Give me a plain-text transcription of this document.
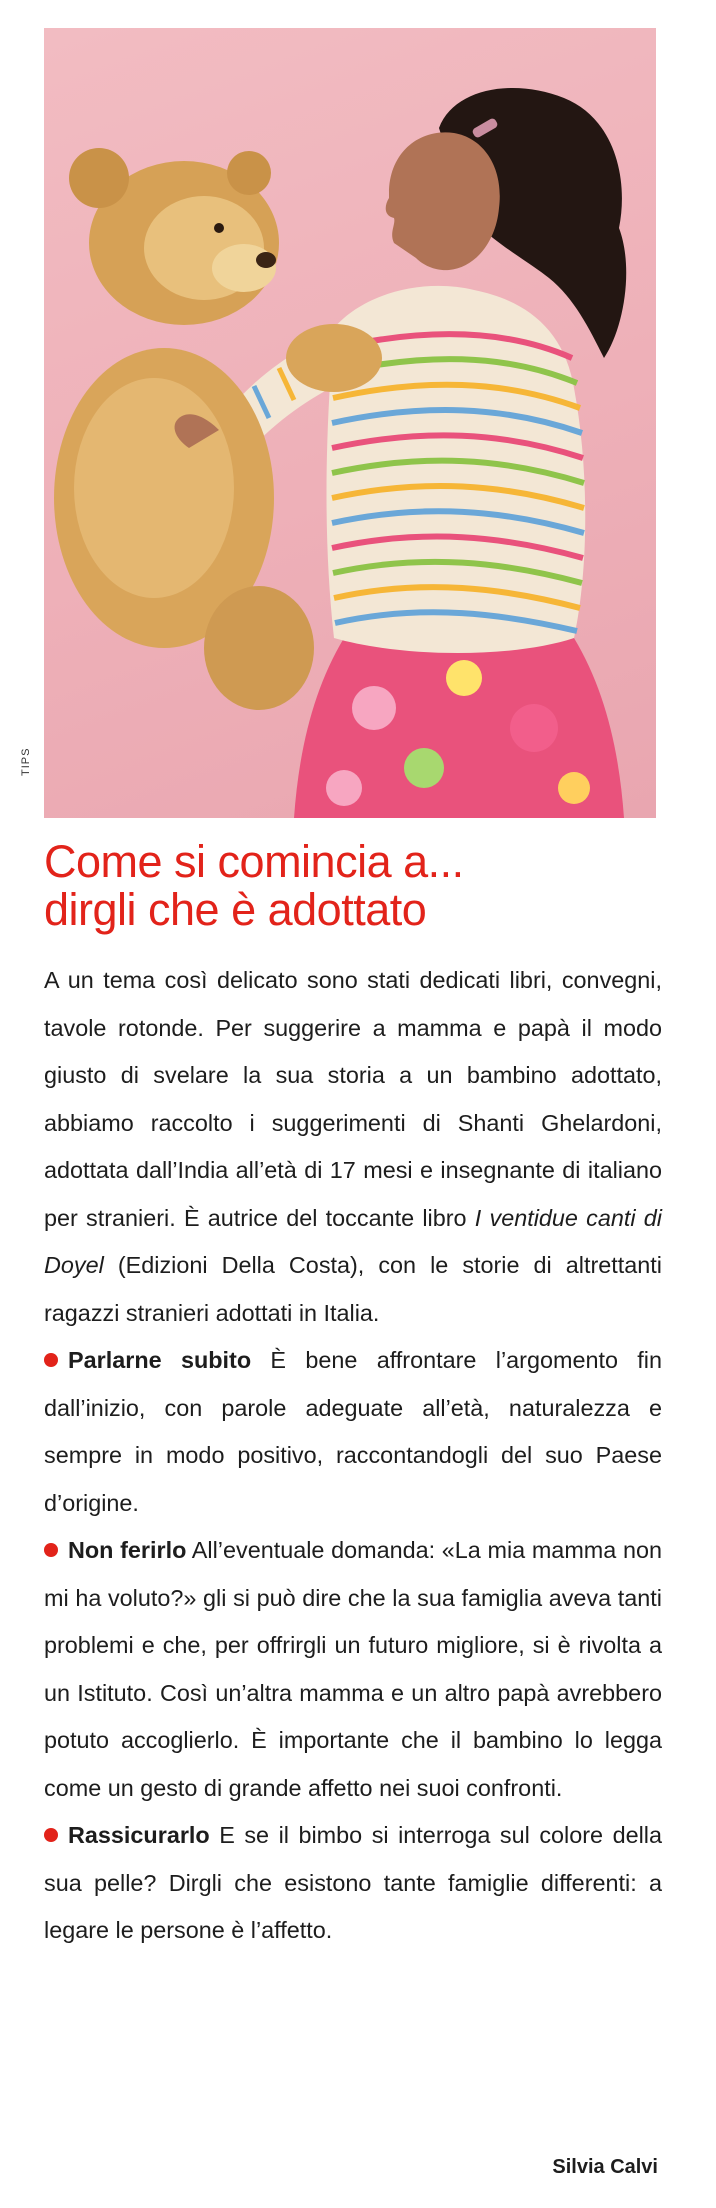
TIPS
Come si comincia a...
dirgli che è adottato

A un tema così delicato sono stati dedicati libri, convegni, tavole rotonde. Per suggerire a mamma e papà il modo giusto di svelare la sua storia a un bambino adottato, abbiamo raccolto i suggerimenti di Shanti Ghelardoni, adottata dall’India all’età di 17 mesi e insegnante di italiano per stranieri. È autrice del toccante libro I ventidue canti di Doyel (Edizioni Della Costa), con le storie di altrettanti ragazzi stranieri adottati in Italia.

Parlarne subito È bene affrontare l’argomento fin dall’inizio, con parole adeguate all’età, naturalezza e sempre in modo positivo, raccontandogli del suo Paese d’origine.

Non ferirlo All’eventuale domanda: «La mia mamma non mi ha voluto?» gli si può dire che la sua famiglia aveva tanti problemi e che, per offrirgli un futuro migliore, si è rivolta a un Istituto. Così un’altra mamma e un altro papà avrebbero potuto accoglierlo. È importante che il bambino lo legga come un gesto di grande affetto nei suoi confronti.

Rassicurarlo E se il bimbo si interroga sul colore della sua pelle? Dirgli che esistono tante famiglie differenti: a legare le persone è l’affetto.

Silvia Calvi
